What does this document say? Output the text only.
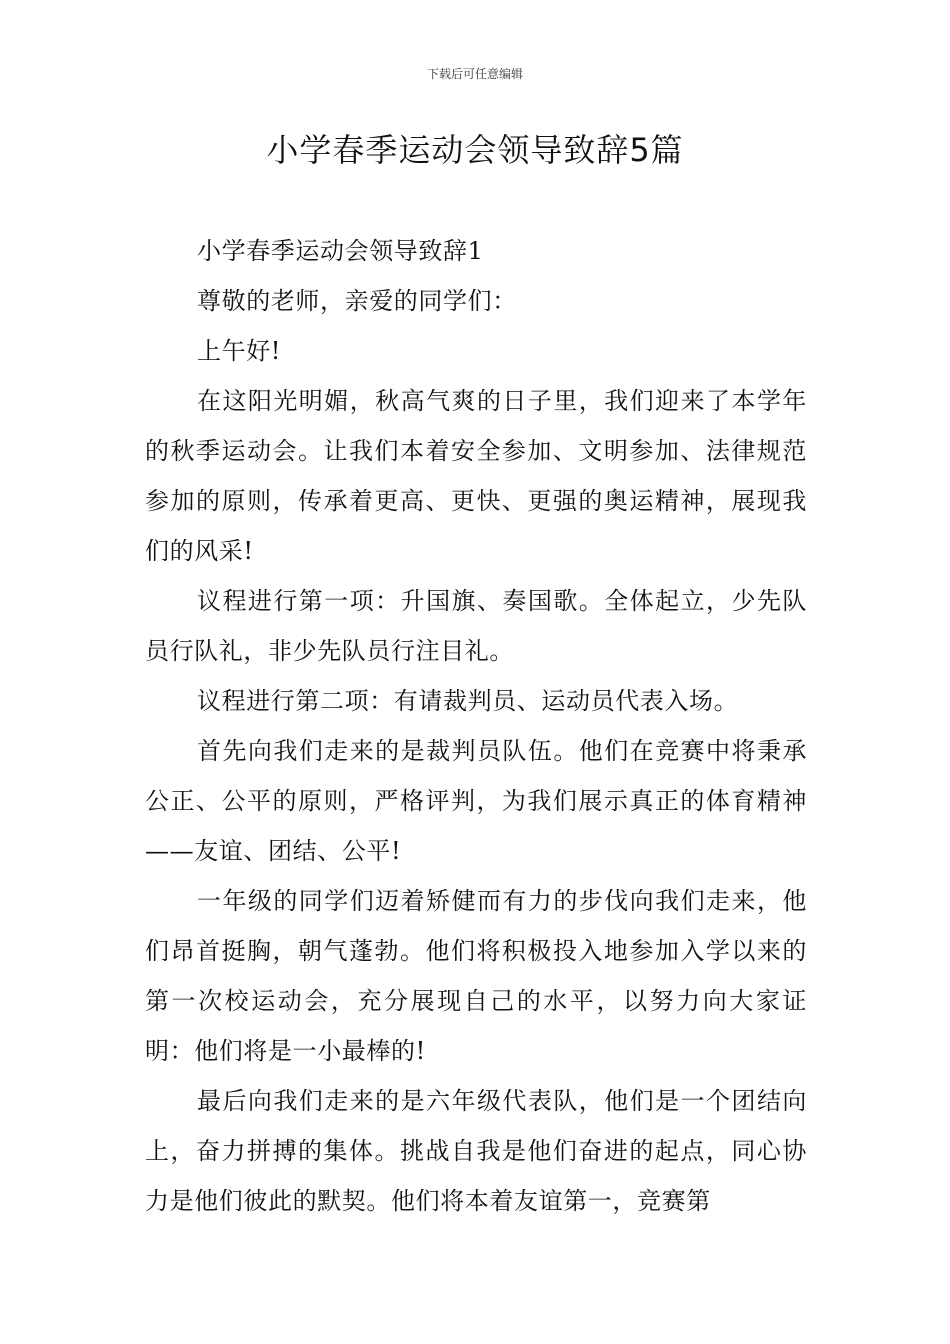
下载后可任意编辑
小学春季运动会领导致辞5篇

小学春季运动会领导致辞1

尊敬的老师，亲爱的同学们：

上午好!

在这阳光明媚，秋高气爽的日子里，我们迎来了本学年的秋季运动会。让我们本着安全参加、文明参加、法律规范参加的原则，传承着更高、更快、更强的奥运精神，展现我们的风采!

议程进行第一项：升国旗、奏国歌。全体起立，少先队员行队礼，非少先队员行注目礼。

议程进行第二项：有请裁判员、运动员代表入场。

首先向我们走来的是裁判员队伍。他们在竞赛中将秉承公正、公平的原则，严格评判，为我们展示真正的体育精神——友谊、团结、公平!

一年级的同学们迈着矫健而有力的步伐向我们走来，他们昂首挺胸，朝气蓬勃。他们将积极投入地参加入学以来的第一次校运动会，充分展现自己的水平，以努力向大家证明：他们将是一小最棒的!

最后向我们走来的是六年级代表队，他们是一个团结向上，奋力拼搏的集体。挑战自我是他们奋进的起点，同心协力是他们彼此的默契。他们将本着友谊第一，竞赛第
